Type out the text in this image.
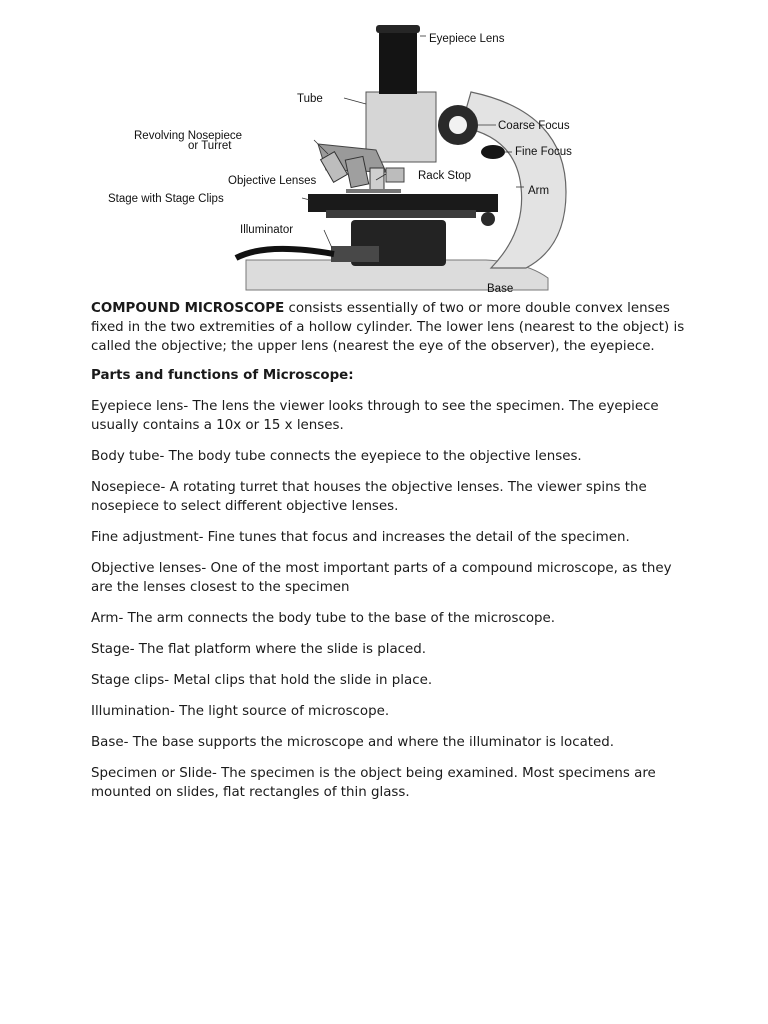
Eyepiece Lens
Tube
Revolving Nosepiece
or Turret
Coarse Focus
Fine Focus
Objective Lenses	Rack Stop
Arm
Stage with Stage Clips
Illuminator
Base

COMPOUND MICROSCOPE consists essentially of two or more double convex lenses fixed in the two extremities of a hollow cylinder. The lower lens (nearest to the object) is called the objective; the upper lens (nearest the eye of the observer), the eyepiece.

Parts and functions of Microscope:

Eyepiece lens- The lens the viewer looks through to see the specimen. The eyepiece usually contains a 10x or 15 x lenses.

Body tube- The body tube connects the eyepiece to the objective lenses.

Nosepiece- A rotating turret that houses the objective lenses. The viewer spins the nosepiece to select different objective lenses.

Fine adjustment- Fine tunes that focus and increases the detail of the specimen.

Objective lenses- One of the most important parts of a compound microscope, as they are the lenses closest to the specimen

Arm- The arm connects the body tube to the base of the microscope.

Stage- The flat platform where the slide is placed.

Stage clips- Metal clips that hold the slide in place.

Illumination- The light source of microscope.

Base- The base supports the microscope and where the illuminator is located.

Specimen or Slide- The specimen is the object being examined. Most specimens are mounted on slides, flat rectangles of thin glass.
